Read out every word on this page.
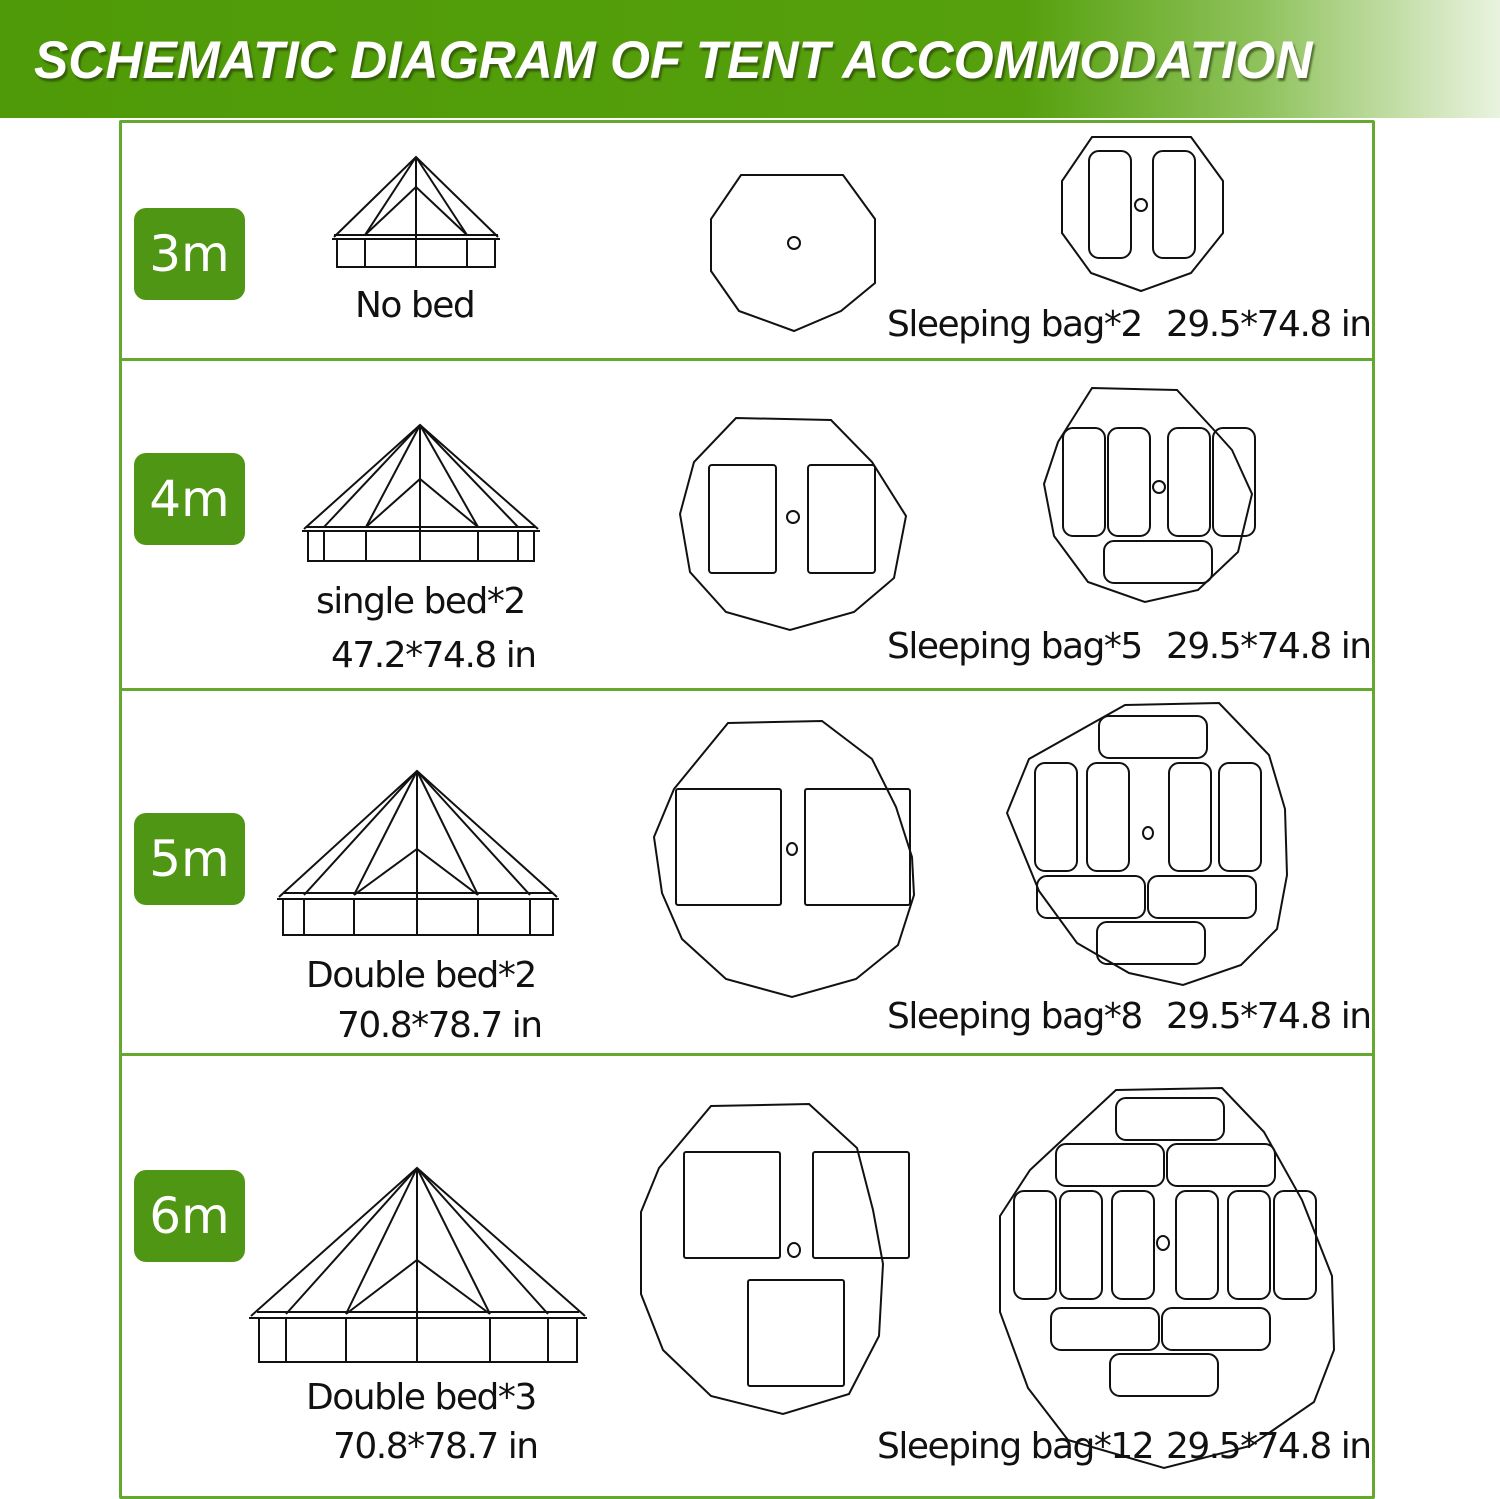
SCHEMATIC DIAGRAM OF TENT ACCOMMODATION
3m
No bed	Sleeping bag*2 29.5*74.8 in
4m
single bed*2
47.2*74.8 in	Sleeping bag*5 29.5*74.8 in
5m
Double bed*2
70.8*78.7 in	Sleeping bag*8 29.5*74.8 in
6m
Double bed*3
70.8*78.7 in	Sleeping bag*12 29.5*74.8 in
